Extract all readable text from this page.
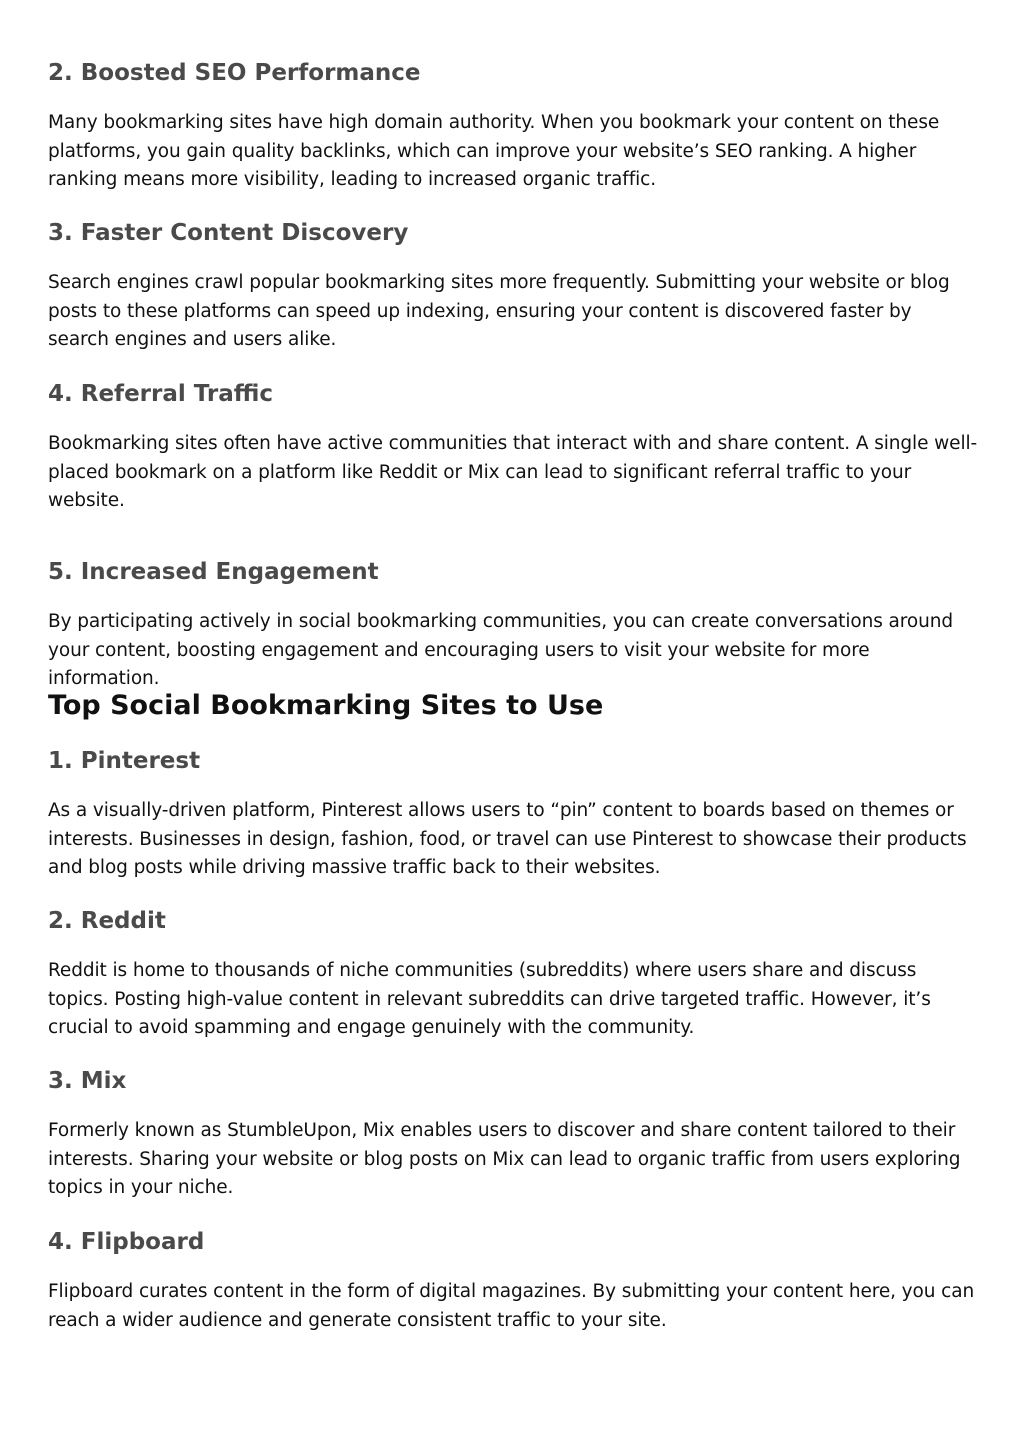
2. Boosted SEO Performance

Many bookmarking sites have high domain authority. When you bookmark your content on these platforms, you gain quality backlinks, which can improve your website’s SEO ranking. A higher ranking means more visibility, leading to increased organic traffic.

3. Faster Content Discovery

Search engines crawl popular bookmarking sites more frequently. Submitting your website or blog posts to these platforms can speed up indexing, ensuring your content is discovered faster by search engines and users alike.

4. Referral Traffic

Bookmarking sites often have active communities that interact with and share content. A single well-placed bookmark on a platform like Reddit or Mix can lead to significant referral traffic to your website.

5. Increased Engagement

By participating actively in social bookmarking communities, you can create conversations around your content, boosting engagement and encouraging users to visit your website for more information.

Top Social Bookmarking Sites to Use
1. Pinterest

As a visually-driven platform, Pinterest allows users to “pin” content to boards based on themes or interests. Businesses in design, fashion, food, or travel can use Pinterest to showcase their products and blog posts while driving massive traffic back to their websites.

2. Reddit

Reddit is home to thousands of niche communities (subreddits) where users share and discuss topics. Posting high-value content in relevant subreddits can drive targeted traffic. However, it’s crucial to avoid spamming and engage genuinely with the community.

3. Mix

Formerly known as StumbleUpon, Mix enables users to discover and share content tailored to their interests. Sharing your website or blog posts on Mix can lead to organic traffic from users exploring topics in your niche.

4. Flipboard

Flipboard curates content in the form of digital magazines. By submitting your content here, you can reach a wider audience and generate consistent traffic to your site.
